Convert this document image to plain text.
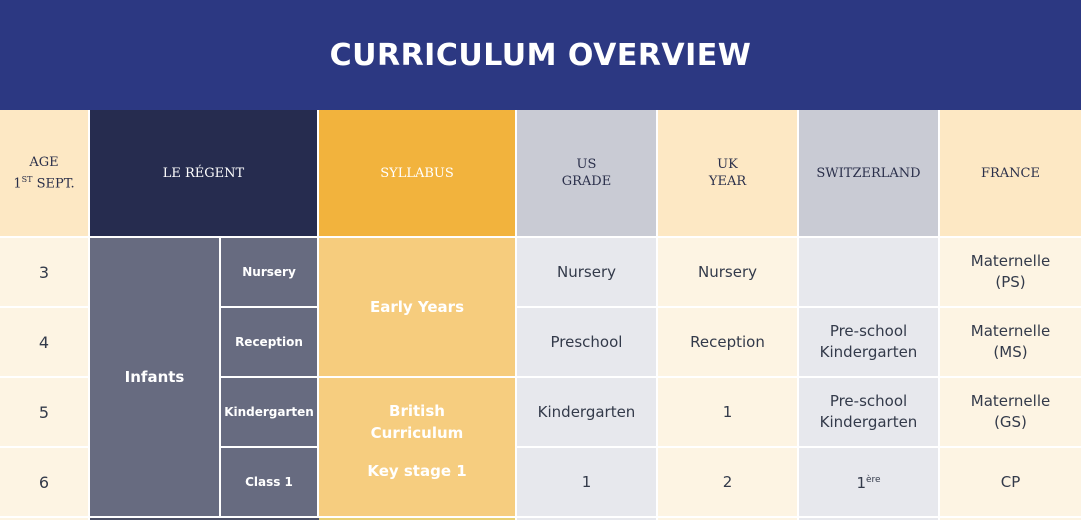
CURRICULUM OVERVIEW
AGE
1ST SEPT.
LE RÉGENT	SYLLABUS
US
GRADE
UK
YEAR
SWITZERLAND	FRANCE
3
4
5
6
Infants
Nursery
Reception
Kindergarten
Class 1
Early Years
British
Curriculum
Key stage 1
Nursery
Preschool
Kindergarten
1
Nursery
Reception
1
2
Pre-school
Kindergarten
Pre-school
Kindergarten
1ère
Maternelle
(PS)
Maternelle
(MS)
Maternelle
(GS)
CP
